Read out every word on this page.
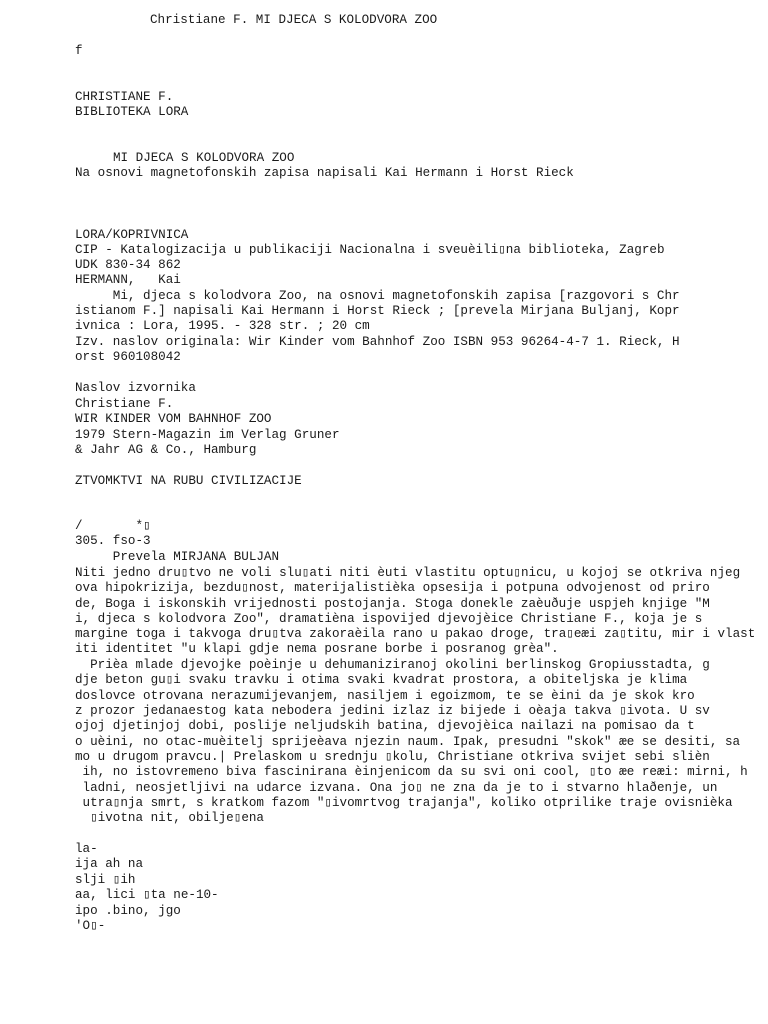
Christiane F. MI DJECA S KOLODVORA ZOO
f
CHRISTIANE F.
BIBLIOTEKA LORA
MI DJECA S KOLODVORA ZOO
Na osnovi magnetofonskih zapisa napisali Kai Hermann i Horst Rieck
LORA/KOPRIVNICA
CIP - Katalogizacija u publikaciji Nacionalna i sveuèili▯na biblioteka, Zagreb
UDK 830-34 862
HERMANN,   Kai
Mi, djeca s kolodvora Zoo, na osnovi magnetofonskih zapisa [razgovori s Chr
istianom F.] napisali Kai Hermann i Horst Rieck ; [prevela Mirjana Buljanj, Kopr
ivnica : Lora, 1995. - 328 str. ; 20 cm
Izv. naslov originala: Wir Kinder vom Bahnhof Zoo ISBN 953 96264-4-7 1. Rieck, H
orst 960108042
Naslov izvornika
Christiane F.
WIR KINDER VOM BAHNHOF ZOO
1979 Stern-Magazin im Verlag Gruner
& Jahr AG & Co., Hamburg
ZTVOMKTVI NA RUBU CIVILIZACIJE
/       *▯
305. fso-3
Prevela MIRJANA BULJAN
Niti jedno dru▯tvo ne voli slu▯ati niti èuti vlastitu optu▯nicu, u kojoj se otkriva njeg
ova hipokrizija, bezdu▯nost, materijalistièka opsesija i potpuna odvojenost od priro
de, Boga i iskonskih vrijednosti postojanja. Stoga donekle zaèuðuje uspjeh knjige "M
i, djeca s kolodvora Zoo", dramatièna ispovijed djevojèice Christiane F., koja je s
margine toga i takvoga dru▯tva zakoraèila rano u pakao droge, tra▯eæi za▯titu, mir i vlast
iti identitet "u klapi gdje nema posrane borbe i posranog grèa".
Prièa mlade djevojke poèinje u dehumaniziranoj okolini berlinskog Gropiusstadta, g
dje beton gu▯i svaku travku i otima svaki kvadrat prostora, a obiteljska je klima
doslovce otrovana nerazumijevanjem, nasiljem i egoizmom, te se èini da je skok kro
z prozor jedanaestog kata nebodera jedini izlaz iz bijede i oèaja takva ▯ivota. U sv
ojoj djetinjoj dobi, poslije neljudskih batina, djevojèica nailazi na pomisao da t
o uèini, no otac-muèitelj sprijeèava njezin naum. Ipak, presudni "skok" æe se desiti, sa
mo u drugom pravcu.| Prelaskom u srednju ▯kolu, Christiane otkriva svijet sebi slièn
ih, no istovremeno biva fascinirana èinjenicom da su svi oni cool, ▯to æe reæi: mirni, h
ladni, neosjetljivi na udarce izvana. Ona jo▯ ne zna da je to i stvarno hlaðenje, un
utra▯nja smrt, s kratkom fazom "▯ivomrtvog trajanja", koliko otprilike traje ovisnièka
▯ivotna nit, obilje▯ena
la-
ija ah na
slji ▯ih
aa, lici ▯ta ne-10-
ipo .bino, jgo
'O▯-
